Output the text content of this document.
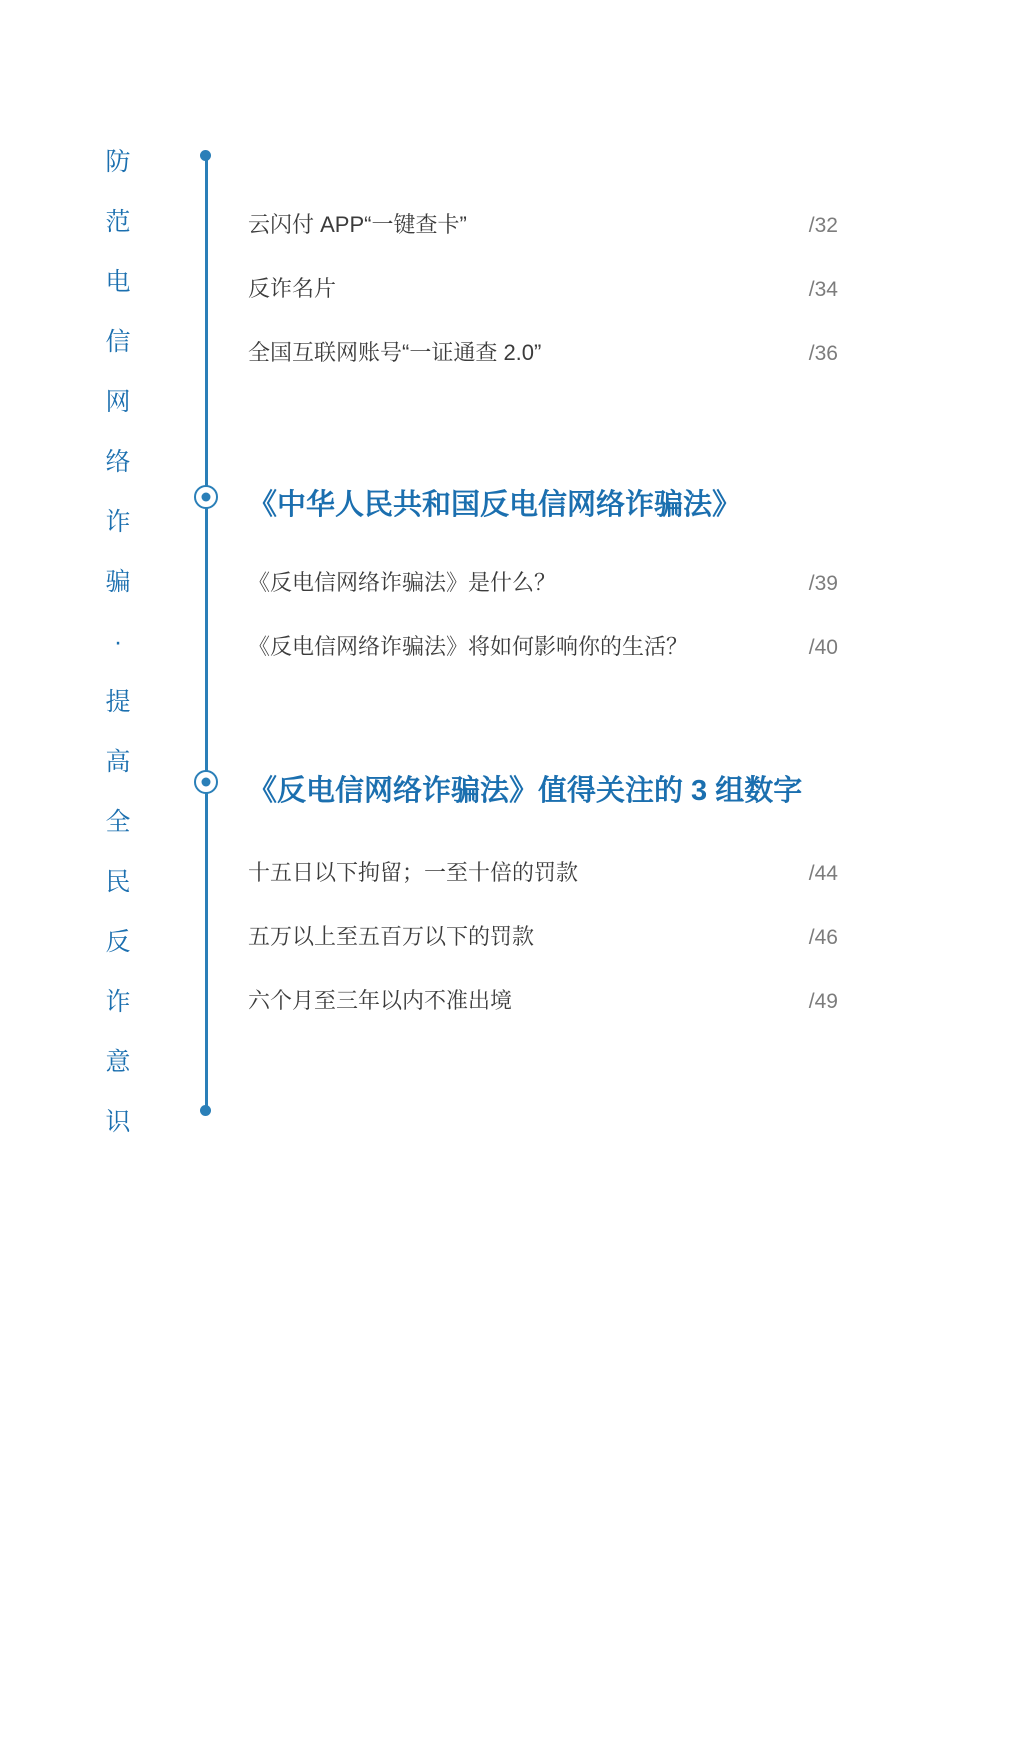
防
范
电
信
网
络
诈
骗
·
提
高
全
民
反
诈
意
识
云闪付 APP“一键查卡”	/32
反诈名片	/34
全国互联网账号“一证通查 2.0”	/36
《中华人民共和国反电信网络诈骗法》
《反电信网络诈骗法》是什么？	/39
《反电信网络诈骗法》将如何影响你的生活？	/40
《反电信网络诈骗法》值得关注的 3 组数字
十五日以下拘留；一至十倍的罚款	/44
五万以上至五百万以下的罚款	/46
六个月至三年以内不准出境	/49
